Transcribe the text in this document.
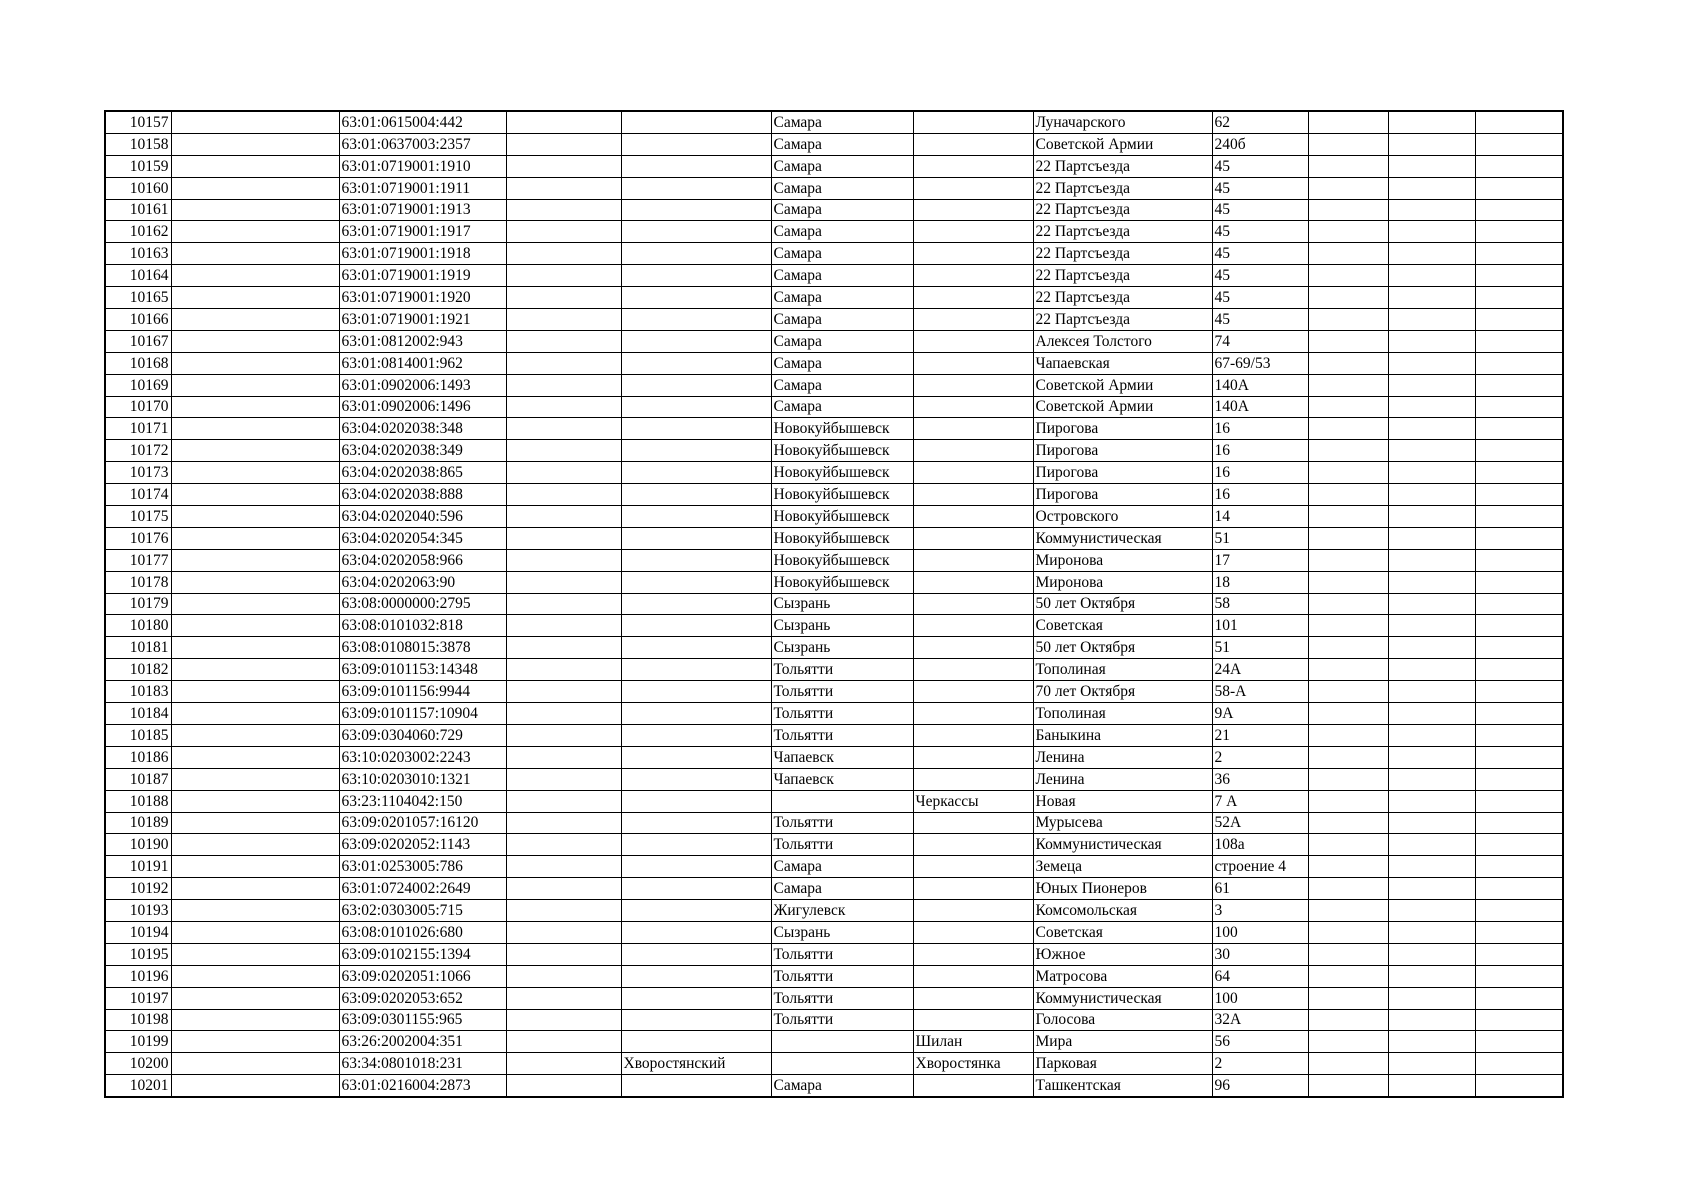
10157		63:01:0615004:442			Самара		Луначарского	62			
10158		63:01:0637003:2357			Самара		Советской Армии	240б			
10159		63:01:0719001:1910			Самара		22 Партсъезда	45			
10160		63:01:0719001:1911			Самара		22 Партсъезда	45			
10161		63:01:0719001:1913			Самара		22 Партсъезда	45			
10162		63:01:0719001:1917			Самара		22 Партсъезда	45			
10163		63:01:0719001:1918			Самара		22 Партсъезда	45			
10164		63:01:0719001:1919			Самара		22 Партсъезда	45			
10165		63:01:0719001:1920			Самара		22 Партсъезда	45			
10166		63:01:0719001:1921			Самара		22 Партсъезда	45			
10167		63:01:0812002:943			Самара		Алексея Толстого	74			
10168		63:01:0814001:962			Самара		Чапаевская	67-69/53			
10169		63:01:0902006:1493			Самара		Советской Армии	140А			
10170		63:01:0902006:1496			Самара		Советской Армии	140А			
10171		63:04:0202038:348			Новокуйбышевск		Пирогова	16			
10172		63:04:0202038:349			Новокуйбышевск		Пирогова	16			
10173		63:04:0202038:865			Новокуйбышевск		Пирогова	16			
10174		63:04:0202038:888			Новокуйбышевск		Пирогова	16			
10175		63:04:0202040:596			Новокуйбышевск		Островского	14			
10176		63:04:0202054:345			Новокуйбышевск		Коммунистическая	51			
10177		63:04:0202058:966			Новокуйбышевск		Миронова	17			
10178		63:04:0202063:90			Новокуйбышевск		Миронова	18			
10179		63:08:0000000:2795			Сызрань		50 лет Октября	58			
10180		63:08:0101032:818			Сызрань		Советская	101			
10181		63:08:0108015:3878			Сызрань		50 лет Октября	51			
10182		63:09:0101153:14348			Тольятти		Тополиная	24А			
10183		63:09:0101156:9944			Тольятти		70 лет Октября	58-А			
10184		63:09:0101157:10904			Тольятти		Тополиная	9А			
10185		63:09:0304060:729			Тольятти		Баныкина	21			
10186		63:10:0203002:2243			Чапаевск		Ленина	2			
10187		63:10:0203010:1321			Чапаевск		Ленина	36			
10188		63:23:1104042:150				Черкассы	Новая	7 А			
10189		63:09:0201057:16120			Тольятти		Мурысева	52А			
10190		63:09:0202052:1143			Тольятти		Коммунистическая	108а			
10191		63:01:0253005:786			Самара		Земеца	строение 4			
10192		63:01:0724002:2649			Самара		Юных Пионеров	61			
10193		63:02:0303005:715			Жигулевск		Комсомольская	3			
10194		63:08:0101026:680			Сызрань		Советская	100			
10195		63:09:0102155:1394			Тольятти		Южное	30			
10196		63:09:0202051:1066			Тольятти		Матросова	64			
10197		63:09:0202053:652			Тольятти		Коммунистическая	100			
10198		63:09:0301155:965			Тольятти		Голосова	32А			
10199		63:26:2002004:351				Шилан	Мира	56			
10200		63:34:0801018:231		Хворостянский		Хворостянка	Парковая	2			
10201		63:01:0216004:2873			Самара		Ташкентская	96			
